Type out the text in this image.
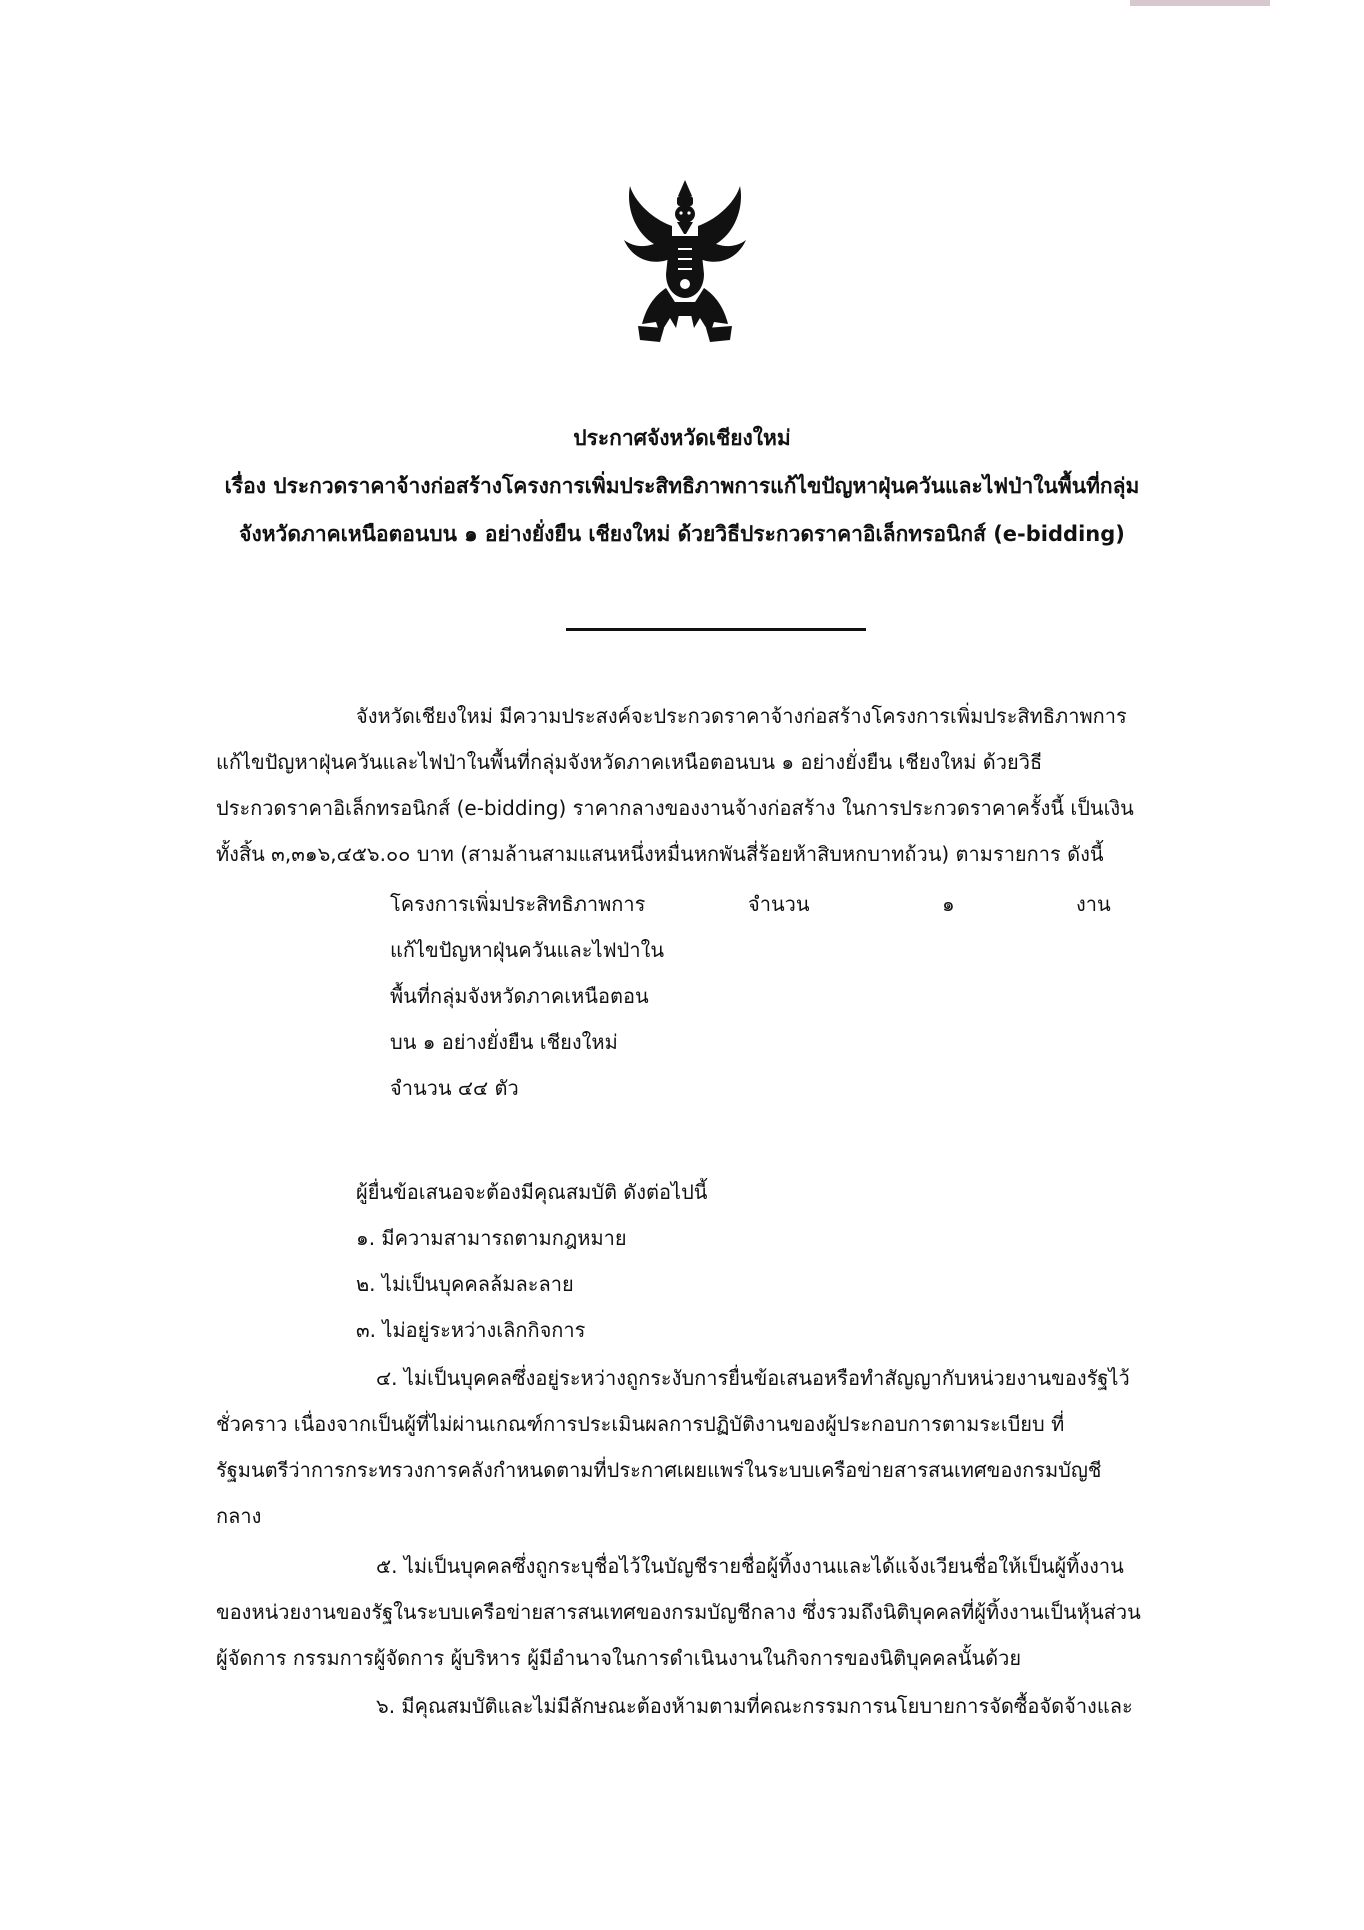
ประกาศจังหวัดเชียงใหม่
เรื่อง ประกวดราคาจ้างก่อสร้างโครงการเพิ่มประสิทธิภาพการแก้ไขปัญหาฝุ่นควันและไฟป่าในพื้นที่กลุ่ม
จังหวัดภาคเหนือตอนบน ๑ อย่างยั่งยืน เชียงใหม่ ด้วยวิธีประกวดราคาอิเล็กทรอนิกส์ (e-bidding)
จังหวัดเชียงใหม่ มีความประสงค์จะประกวดราคาจ้างก่อสร้างโครงการเพิ่มประสิทธิภาพการ
แก้ไขปัญหาฝุ่นควันและไฟป่าในพื้นที่กลุ่มจังหวัดภาคเหนือตอนบน ๑ อย่างยั่งยืน เชียงใหม่ ด้วยวิธี
ประกวดราคาอิเล็กทรอนิกส์ (e-bidding) ราคากลางของงานจ้างก่อสร้าง ในการประกวดราคาครั้งนี้ เป็นเงิน
ทั้งสิ้น ๓,๓๑๖,๔๕๖.๐๐ บาท (สามล้านสามแสนหนึ่งหมื่นหกพันสี่ร้อยห้าสิบหกบาทถ้วน) ตามรายการ ดังนี้
โครงการเพิ่มประสิทธิภาพการ
แก้ไขปัญหาฝุ่นควันและไฟป่าใน
พื้นที่กลุ่มจังหวัดภาคเหนือตอน
บน ๑ อย่างยั่งยืน เชียงใหม่
จำนวน ๔๔ ตัว
จำนวน	๑	งาน
ผู้ยื่นข้อเสนอจะต้องมีคุณสมบัติ ดังต่อไปนี้
๑. มีความสามารถตามกฎหมาย
๒. ไม่เป็นบุคคลล้มละลาย
๓. ไม่อยู่ระหว่างเลิกกิจการ
๔. ไม่เป็นบุคคลซึ่งอยู่ระหว่างถูกระงับการยื่นข้อเสนอหรือทำสัญญากับหน่วยงานของรัฐไว้
ชั่วคราว เนื่องจากเป็นผู้ที่ไม่ผ่านเกณฑ์การประเมินผลการปฏิบัติงานของผู้ประกอบการตามระเบียบ ที่
รัฐมนตรีว่าการกระทรวงการคลังกำหนดตามที่ประกาศเผยแพร่ในระบบเครือข่ายสารสนเทศของกรมบัญชี
กลาง
๕. ไม่เป็นบุคคลซึ่งถูกระบุชื่อไว้ในบัญชีรายชื่อผู้ทิ้งงานและได้แจ้งเวียนชื่อให้เป็นผู้ทิ้งงาน
ของหน่วยงานของรัฐในระบบเครือข่ายสารสนเทศของกรมบัญชีกลาง ซึ่งรวมถึงนิติบุคคลที่ผู้ทิ้งงานเป็นหุ้นส่วน
ผู้จัดการ กรรมการผู้จัดการ ผู้บริหาร ผู้มีอำนาจในการดำเนินงานในกิจการของนิติบุคคลนั้นด้วย
๖. มีคุณสมบัติและไม่มีลักษณะต้องห้ามตามที่คณะกรรมการนโยบายการจัดซื้อจัดจ้างและ
